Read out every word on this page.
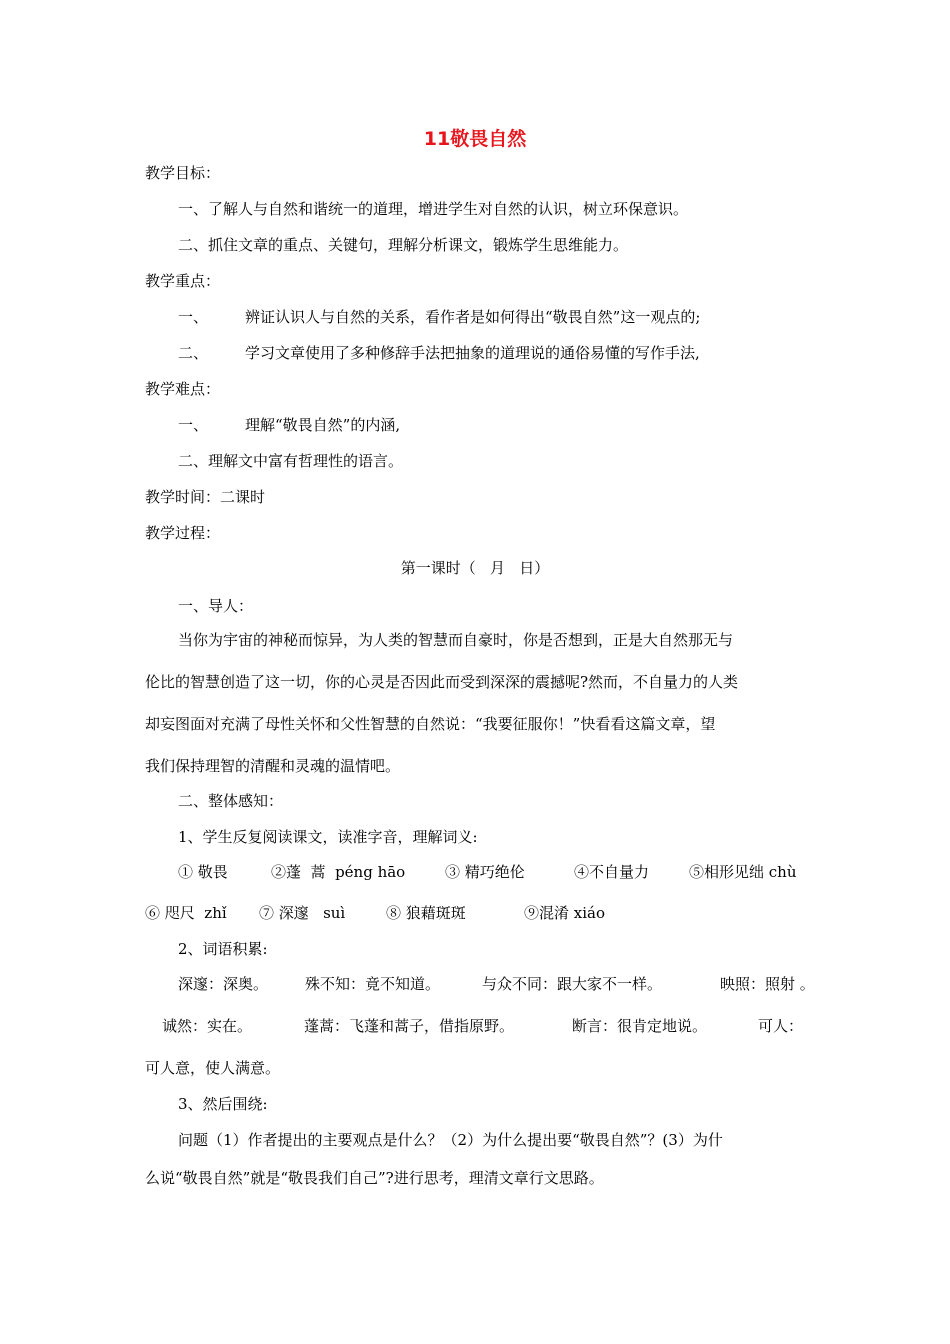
11敬畏自然
教学目标：
一、了解人与自然和谐统一的道理，增进学生对自然的认识，树立环保意识。
二、抓住文章的重点、关键句，理解分析课文，锻炼学生思维能力。
教学重点：
一、 辨证认识人与自然的关系，看作者是如何得出“敬畏自然”这一观点的;
二、 学习文章使用了多种修辞手法把抽象的道理说的通俗易懂的写作手法,
教学难点：
一、 理解“敬畏自然”的内涵,
二、理解文中富有哲理性的语言。
教学时间：二课时
教学过程：
第一课时（   月   日）
一、导人：
当你为宇宙的神秘而惊异，为人类的智慧而自豪时，你是否想到，正是大自然那无与
伦比的智慧创造了这一切，你的心灵是否因此而受到深深的震撼呢?然而，不自量力的人类
却妄图面对充满了母性关怀和父性智慧的自然说：“我要征服你！”快看看这篇文章，望
我们保持理智的清醒和灵魂的温情吧。
二、整体感知：
1、学生反复阅读课文，读准字音，理解词义:
① 敬畏	②蓬  蒿  péng hāo	③ 精巧绝伦	④不自量力	⑤相形见绌 chù
⑥ 咫尺  zhǐ ⑦ 深邃   suì	⑧ 狼藉斑斑	⑨混淆 xiáo
2、词语积累:
深邃：深奥。 殊不知：竟不知道。	与众不同：跟大家不一样。	映照：照射 。
诚然：实在。	蓬蒿：飞蓬和蒿子，借指原野。	断言：很肯定地说。	可人：
可人意，使人满意。
3、然后围绕:
问题（1）作者提出的主要观点是什么？（2）为什么提出要“敬畏自然”？(3）为什
么说“敬畏自然”就是“敬畏我们自己”?进行思考，理清文章行文思路。
